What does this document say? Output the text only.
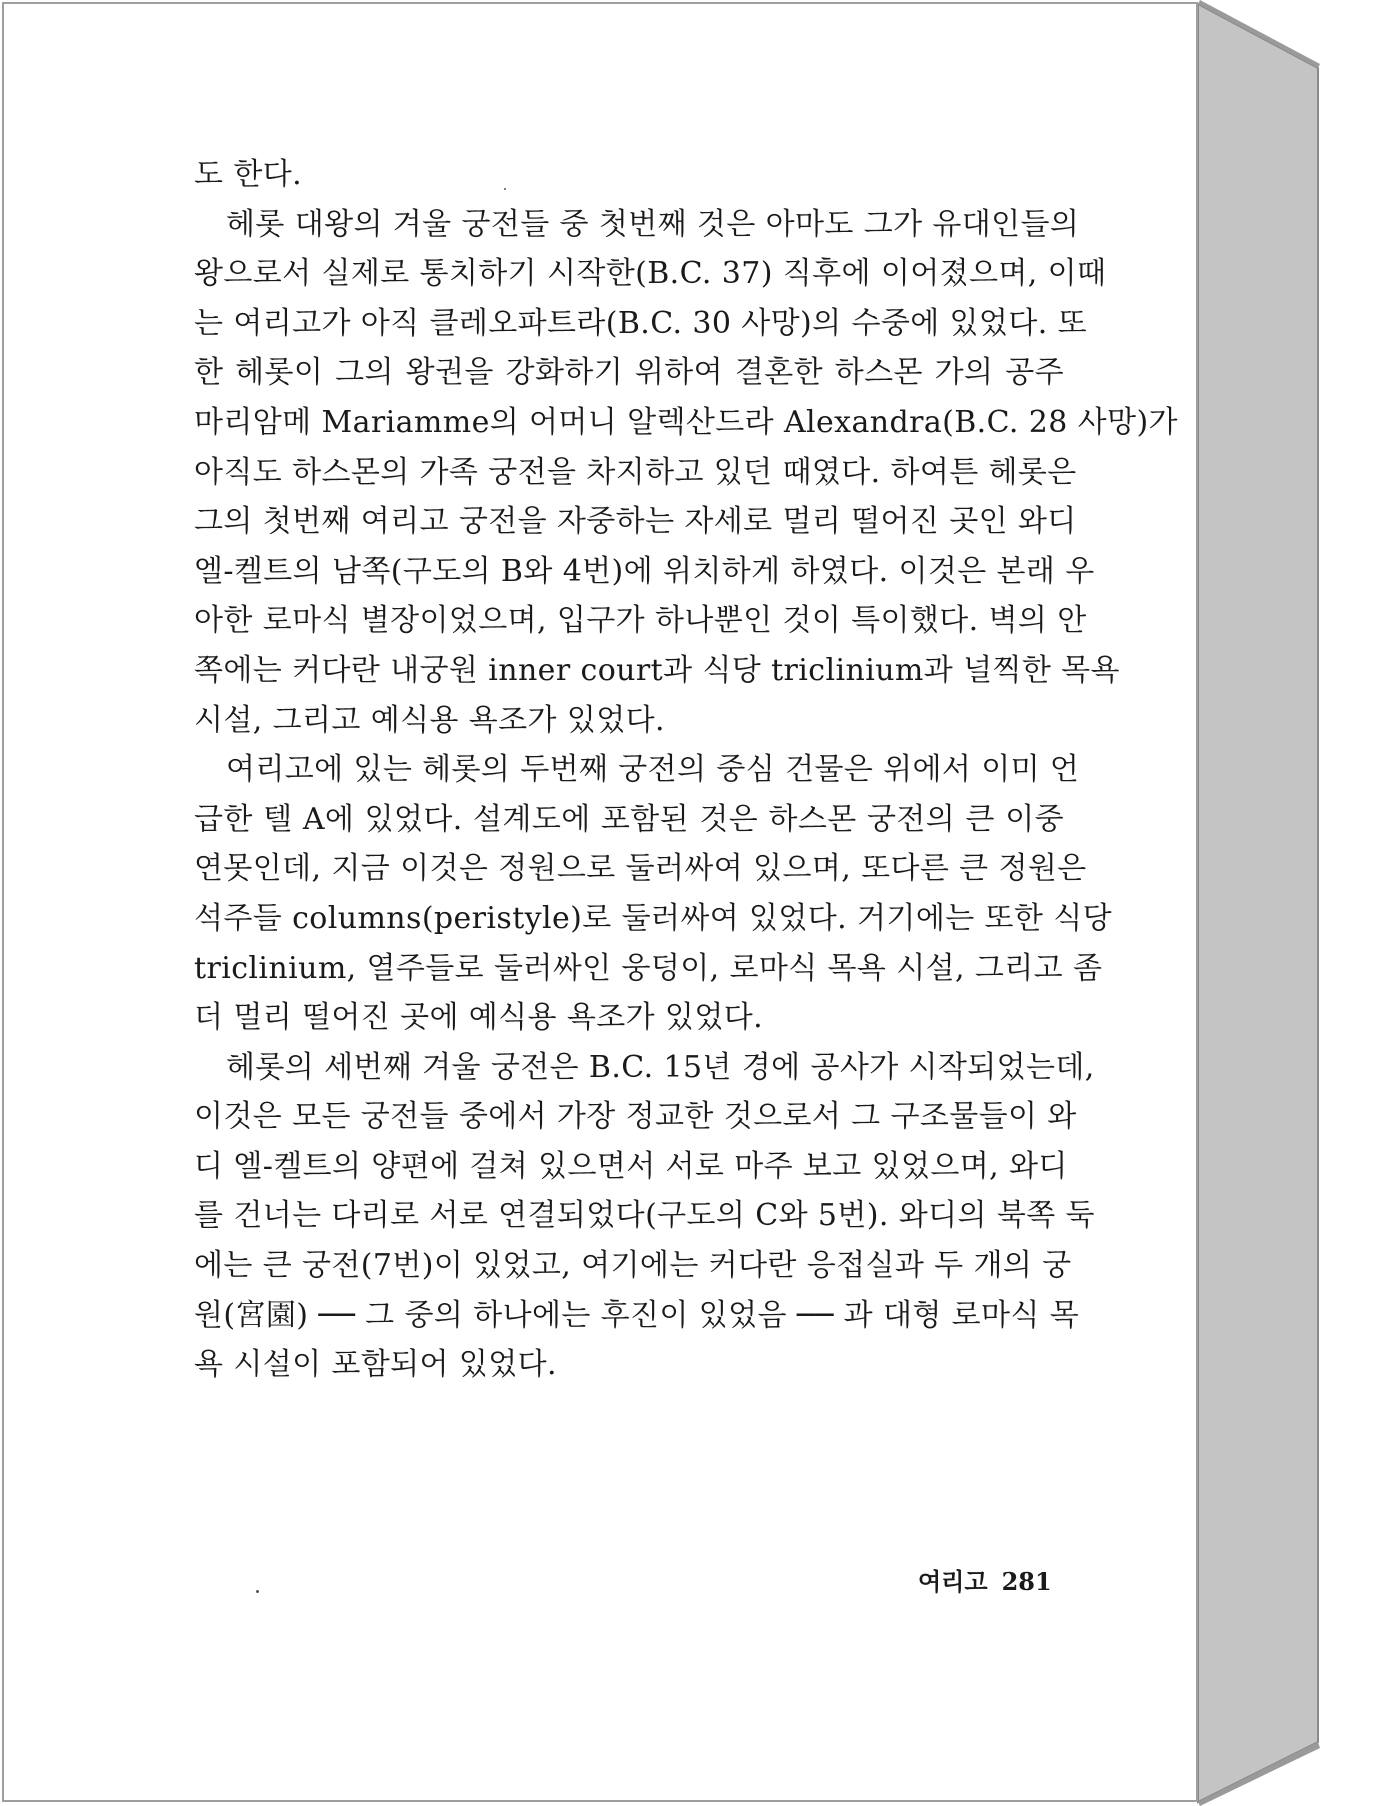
도 한다.
헤롯 대왕의 겨울 궁전들 중 첫번째 것은 아마도 그가 유대인들의
왕으로서 실제로 통치하기 시작한(B.C. 37) 직후에 이어졌으며, 이때
는 여리고가 아직 클레오파트라(B.C. 30 사망)의 수중에 있었다. 또
한 헤롯이 그의 왕권을 강화하기 위하여 결혼한 하스몬 가의 공주
마리암메 Mariamme의 어머니 알렉산드라 Alexandra(B.C. 28 사망)가
아직도 하스몬의 가족 궁전을 차지하고 있던 때였다. 하여튼 헤롯은
그의 첫번째 여리고 궁전을 자중하는 자세로 멀리 떨어진 곳인 와디
엘-켈트의 남쪽(구도의 B와 4번)에 위치하게 하였다. 이것은 본래 우
아한 로마식 별장이었으며, 입구가 하나뿐인 것이 특이했다. 벽의 안
쪽에는 커다란 내궁원 inner court과 식당 triclinium과 널찍한 목욕
시설, 그리고 예식용 욕조가 있었다.
여리고에 있는 헤롯의 두번째 궁전의 중심 건물은 위에서 이미 언
급한 텔 A에 있었다. 설계도에 포함된 것은 하스몬 궁전의 큰 이중
연못인데, 지금 이것은 정원으로 둘러싸여 있으며, 또다른 큰 정원은
석주들 columns(peristyle)로 둘러싸여 있었다. 거기에는 또한 식당
triclinium, 열주들로 둘러싸인 웅덩이, 로마식 목욕 시설, 그리고 좀
더 멀리 떨어진 곳에 예식용 욕조가 있었다.
헤롯의 세번째 겨울 궁전은 B.C. 15년 경에 공사가 시작되었는데,
이것은 모든 궁전들 중에서 가장 정교한 것으로서 그 구조물들이 와
디 엘-켈트의 양편에 걸쳐 있으면서 서로 마주 보고 있었으며, 와디
를 건너는 다리로 서로 연결되었다(구도의 C와 5번). 와디의 북쪽 둑
에는 큰 궁전(7번)이 있었고, 여기에는 커다란 응접실과 두 개의 궁
원(宮園) ── 그 중의 하나에는 후진이 있었음 ── 과 대형 로마식 목
욕 시설이 포함되어 있었다.
여리고 281
